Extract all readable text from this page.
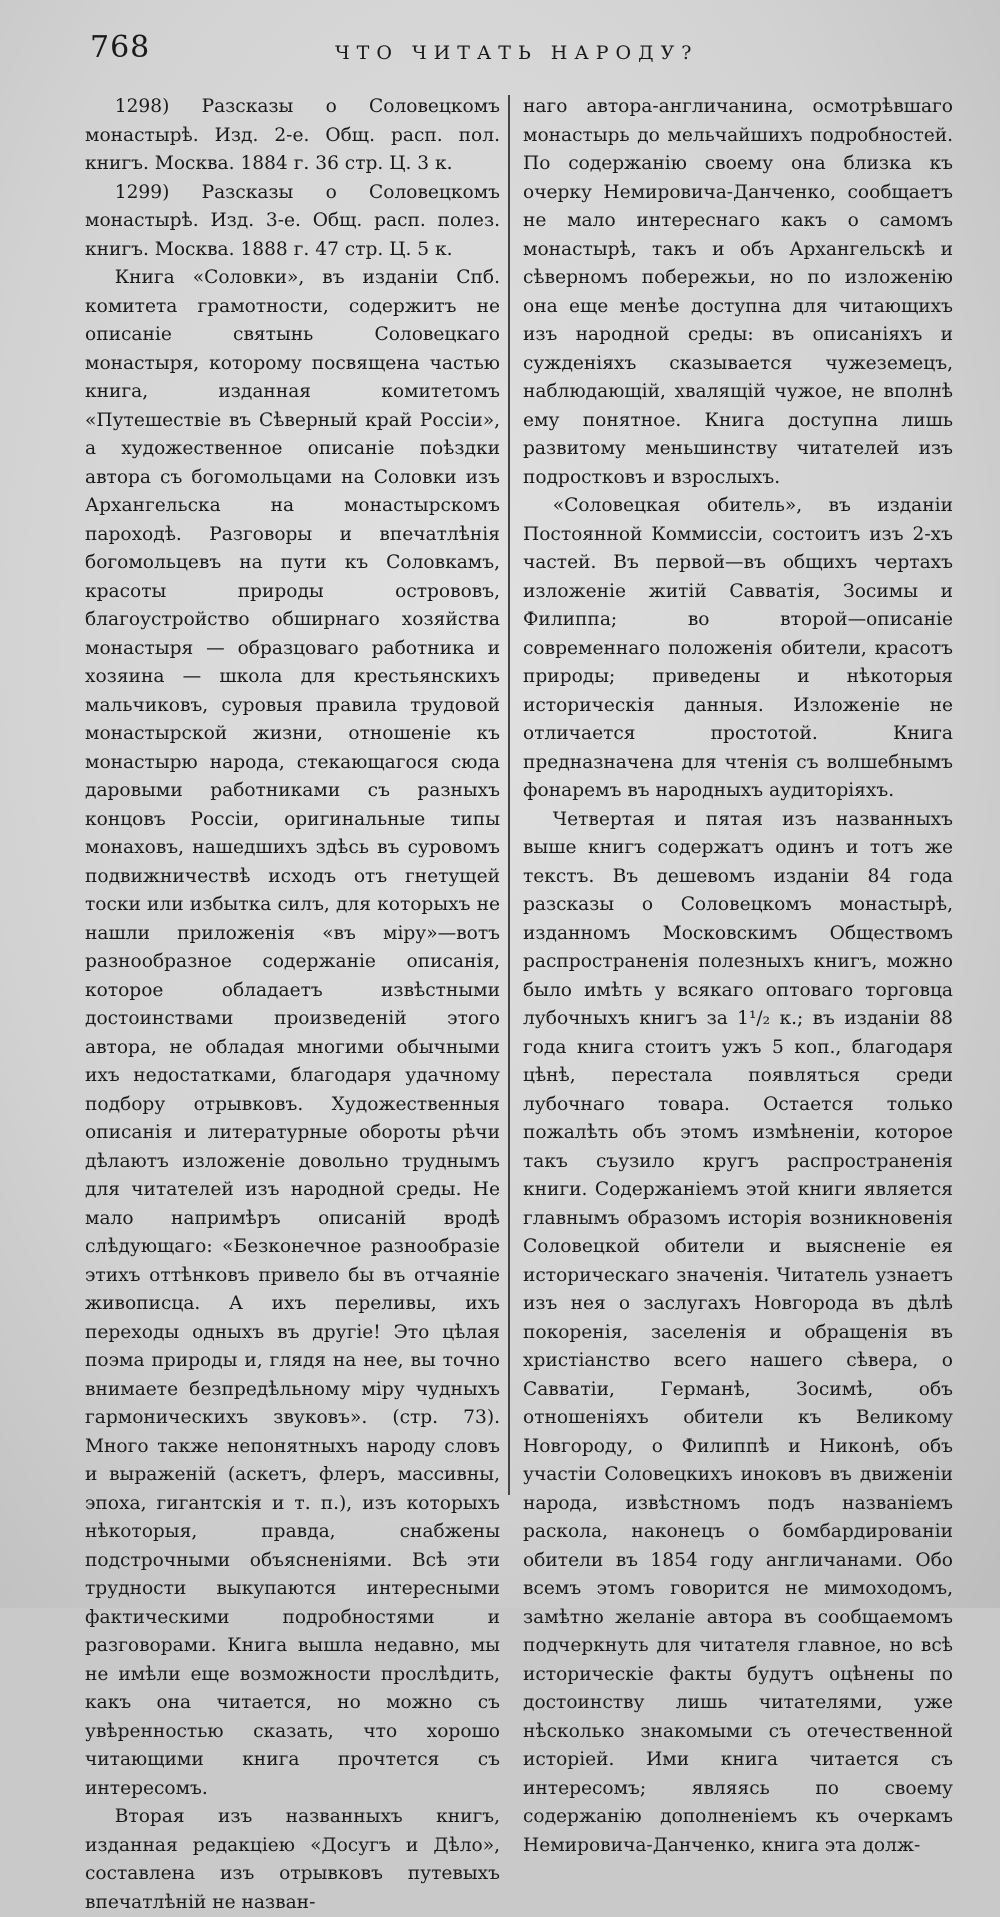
768	ЧТО ЧИТАТЬ НАРОДУ?

1298) Разсказы о Соловецкомъ монастырѣ. Изд. 2-е. Общ. расп. пол. книгъ. Москва. 1884 г. 36 стр. Ц. 3 к.

1299) Разсказы о Соловецкомъ монастырѣ. Изд. 3-е. Общ. расп. полез. книгъ. Москва. 1888 г. 47 стр. Ц. 5 к.

Книга «Соловки», въ изданіи Спб. комитета грамотности, содержитъ не описаніе святынь Соловецкаго монастыря, которому посвящена частью книга, изданная комитетомъ «Путешествіе въ Сѣверный край Россіи», а художественное описаніе поѣздки автора съ богомольцами на Соловки изъ Архангельска на монастырскомъ пароходѣ. Разговоры и впечатлѣнія богомольцевъ на пути къ Соловкамъ, красоты природы острововъ, благоустройство обширнаго хозяйства монастыря — образцоваго работника и хозяина — школа для крестьянскихъ мальчиковъ, суровыя правила трудовой монастырской жизни, отношеніе къ монастырю народа, стекающагося сюда даровыми работниками съ разныхъ концовъ Россіи, оригинальные типы монаховъ, нашедшихъ здѣсь въ суровомъ подвижничествѣ исходъ отъ гнетущей тоски или избытка силъ, для которыхъ не нашли приложенія «въ міру»—вотъ разнообразное содержаніе описанія, которое обладаетъ извѣстными достоинствами произведеній этого автора, не обладая многими обычными ихъ недостатками, благодаря удачному подбору отрывковъ. Художественныя описанія и литературные обороты рѣчи дѣлаютъ изложеніе довольно труднымъ для читателей изъ народной среды. Не мало напримѣръ описаній вродѣ слѣдующаго: «Безконечное разнообразіе этихъ оттѣнковъ привело бы въ отчаяніе живописца. А ихъ переливы, ихъ переходы одныхъ въ другіе! Это цѣлая поэма природы и, глядя на нее, вы точно внимаете безпредѣльному міру чудныхъ гармоническихъ звуковъ». (стр. 73). Много также непонятныхъ народу словъ и выраженій (аскетъ, флеръ, массивны, эпоха, гигантскія и т. п.), изъ которыхъ нѣкоторыя, правда, снабжены подстрочными объясненіями. Всѣ эти трудности выкупаются интересными фактическими подробностями и разговорами. Книга вышла недавно, мы не имѣли еще возможности прослѣдить, какъ она читается, но можно съ увѣренностью сказать, что хорошо читающими книга прочтется съ интересомъ.

Вторая изъ названныхъ книгъ, изданная редакціею «Досугъ и Дѣло», составлена изъ отрывковъ путевыхъ впечатлѣній не назван-

наго автора-англичанина, осмотрѣвшаго монастырь до мельчайшихъ подробностей. По содержанію своему она близка къ очерку Немировича-Данченко, сообщаетъ не мало интереснаго какъ о самомъ монастырѣ, такъ и объ Архангельскѣ и сѣверномъ побережьи, но по изложенію она еще менѣе доступна для читающихъ изъ народной среды: въ описаніяхъ и сужденіяхъ сказывается чужеземецъ, наблюдающій, хвалящій чужое, не вполнѣ ему понятное. Книга доступна лишь развитому меньшинству читателей изъ подростковъ и взрослыхъ.

«Соловецкая обитель», въ изданіи Постоянной Коммиссіи, состоитъ изъ 2-хъ частей. Въ первой—въ общихъ чертахъ изложеніе житій Савватія, Зосимы и Филиппа; во второй—описаніе современнаго положенія обители, красотъ природы; приведены и нѣкоторыя историческія данныя. Изложеніе не отличается простотой. Книга предназначена для чтенія съ волшебнымъ фонаремъ въ народныхъ аудиторіяхъ.

Четвертая и пятая изъ названныхъ выше книгъ содержатъ одинъ и тотъ же текстъ. Въ дешевомъ изданіи 84 года разсказы о Соловецкомъ монастырѣ, изданномъ Московскимъ Обществомъ распространенія полезныхъ книгъ, можно было имѣть у всякаго оптоваго торговца лубочныхъ книгъ за 1¹/₂ к.; въ изданіи 88 года книга стоитъ ужъ 5 коп., благодаря цѣнѣ, перестала появляться среди лубочнаго товара. Остается только пожалѣть объ этомъ измѣненіи, которое такъ съузило кругъ распространенія книги. Содержаніемъ этой книги является главнымъ образомъ исторія возникновенія Соловецкой обители и выясненіе ея историческаго значенія. Читатель узнаетъ изъ нея о заслугахъ Новгорода въ дѣлѣ покоренія, заселенія и обращенія въ христіанство всего нашего сѣвера, о Савватіи, Германѣ, Зосимѣ, объ отношеніяхъ обители къ Великому Новгороду, о Филиппѣ и Никонѣ, объ участіи Соловецкихъ иноковъ въ движеніи народа, извѣстномъ подъ названіемъ раскола, наконецъ о бомбардированіи обители въ 1854 году англичанами. Обо всемъ этомъ говорится не мимоходомъ, замѣтно желаніе автора въ сообщаемомъ подчеркнуть для читателя главное, но всѣ историческіе факты будутъ оцѣнены по достоинству лишь читателями, уже нѣсколько знакомыми съ отечественной исторіей. Ими книга читается съ интересомъ; являясь по своему содержанію дополненіемъ къ очеркамъ Немировича-Данченко, книга эта долж-
